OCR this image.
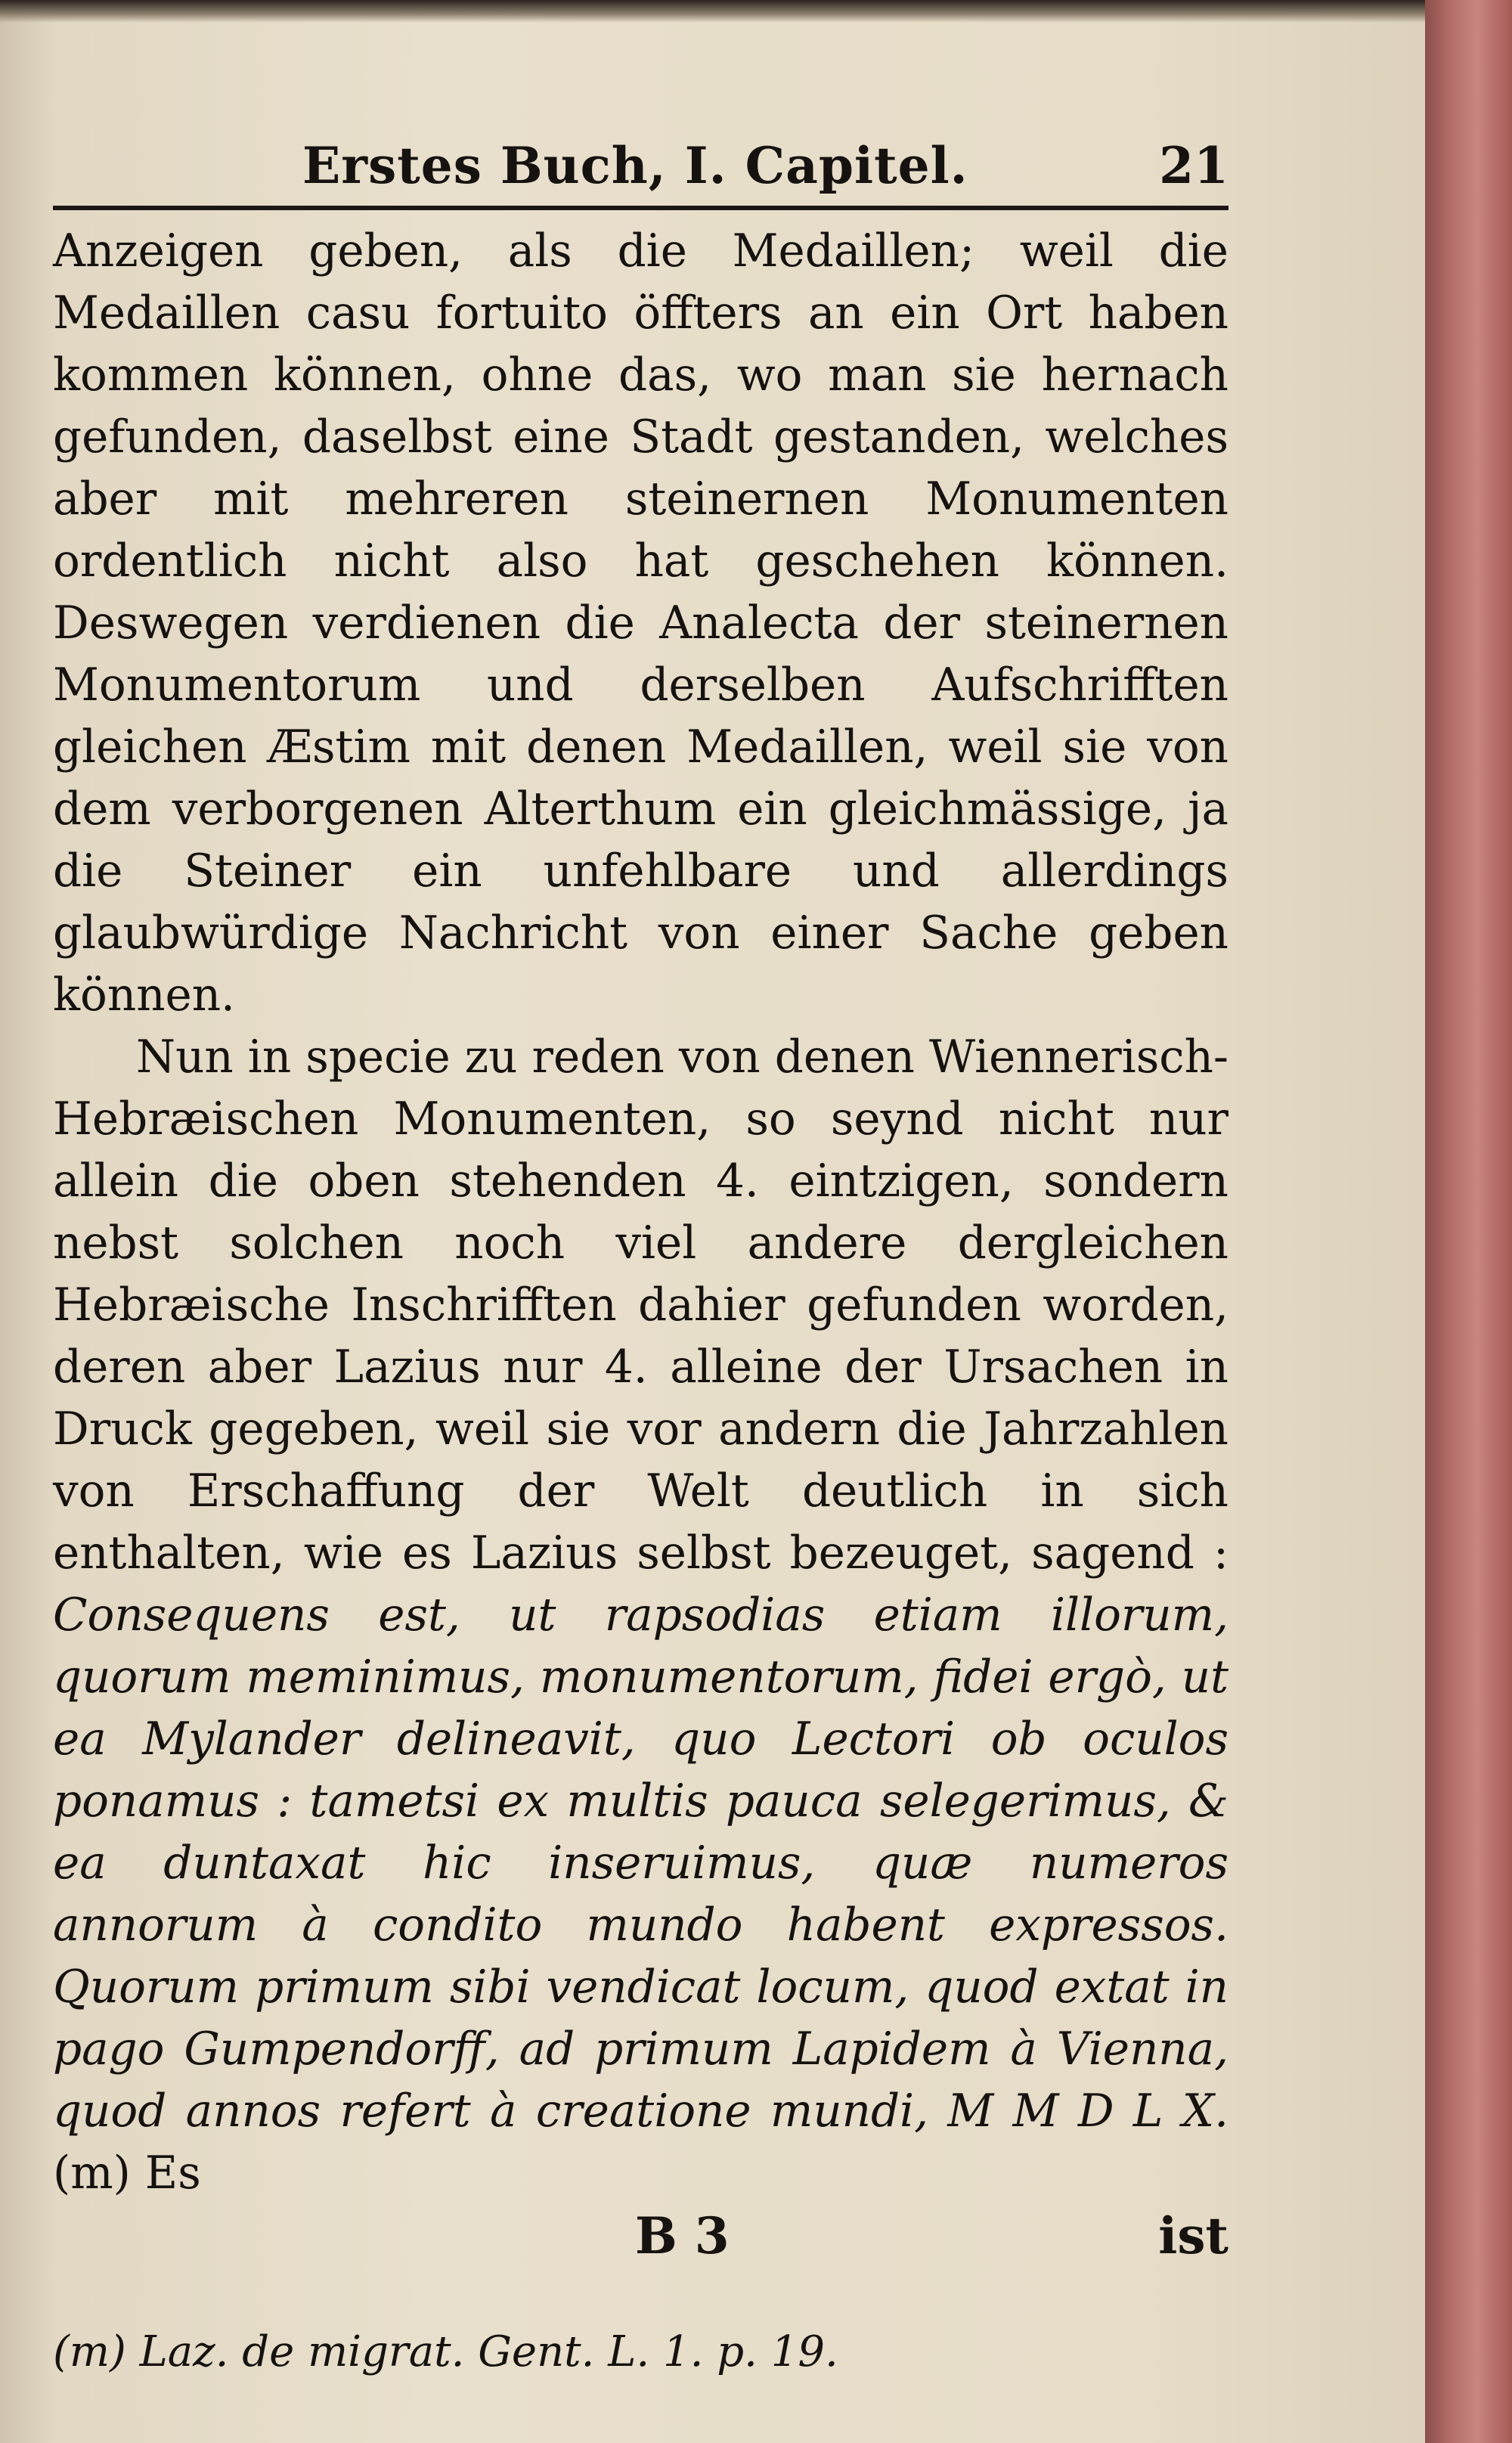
Erstes Buch, I. Capitel.	21

Anzeigen geben, als die Medaillen; weil die Medaillen casu fortuito öffters an ein Ort haben kommen können, ohne das, wo man sie hernach gefunden, daselbst eine Stadt gestanden, welches aber mit mehreren steinernen Monumenten ordentlich nicht also hat geschehen können. Deswegen verdienen die Analecta der steinernen Monumentorum und derselben Aufschrifften gleichen Æstim mit denen Medaillen, weil sie von dem verborgenen Alterthum ein gleichmässige, ja die Steiner ein unfehlbare und allerdings glaubwürdige Nachricht von einer Sache geben können.

Nun in specie zu reden von denen Wiennerisch-Hebræischen Monumenten, so seynd nicht nur allein die oben stehenden 4. eintzigen, sondern nebst solchen noch viel andere dergleichen Hebræische Inschrifften dahier gefunden worden, deren aber Lazius nur 4. alleine der Ursachen in Druck gegeben, weil sie vor andern die Jahrzahlen von Erschaffung der Welt deutlich in sich enthalten, wie es Lazius selbst bezeuget, sagend : Consequens est, ut rapsodias etiam illorum, quorum meminimus, monumentorum, fidei ergò, ut ea Mylander delineavit, quo Lectori ob oculos ponamus : tametsi ex multis pauca selegerimus, & ea duntaxat hic inseruimus, quæ numeros annorum à condito mundo habent expressos. Quorum primum sibi vendicat locum, quod extat in pago Gumpendorff, ad primum Lapidem à Vienna, quod annos refert à creatione mundi, M M D L X. (m) Es

B 3	ist
(m) Laz. de migrat. Gent. L. 1. p. 19.
